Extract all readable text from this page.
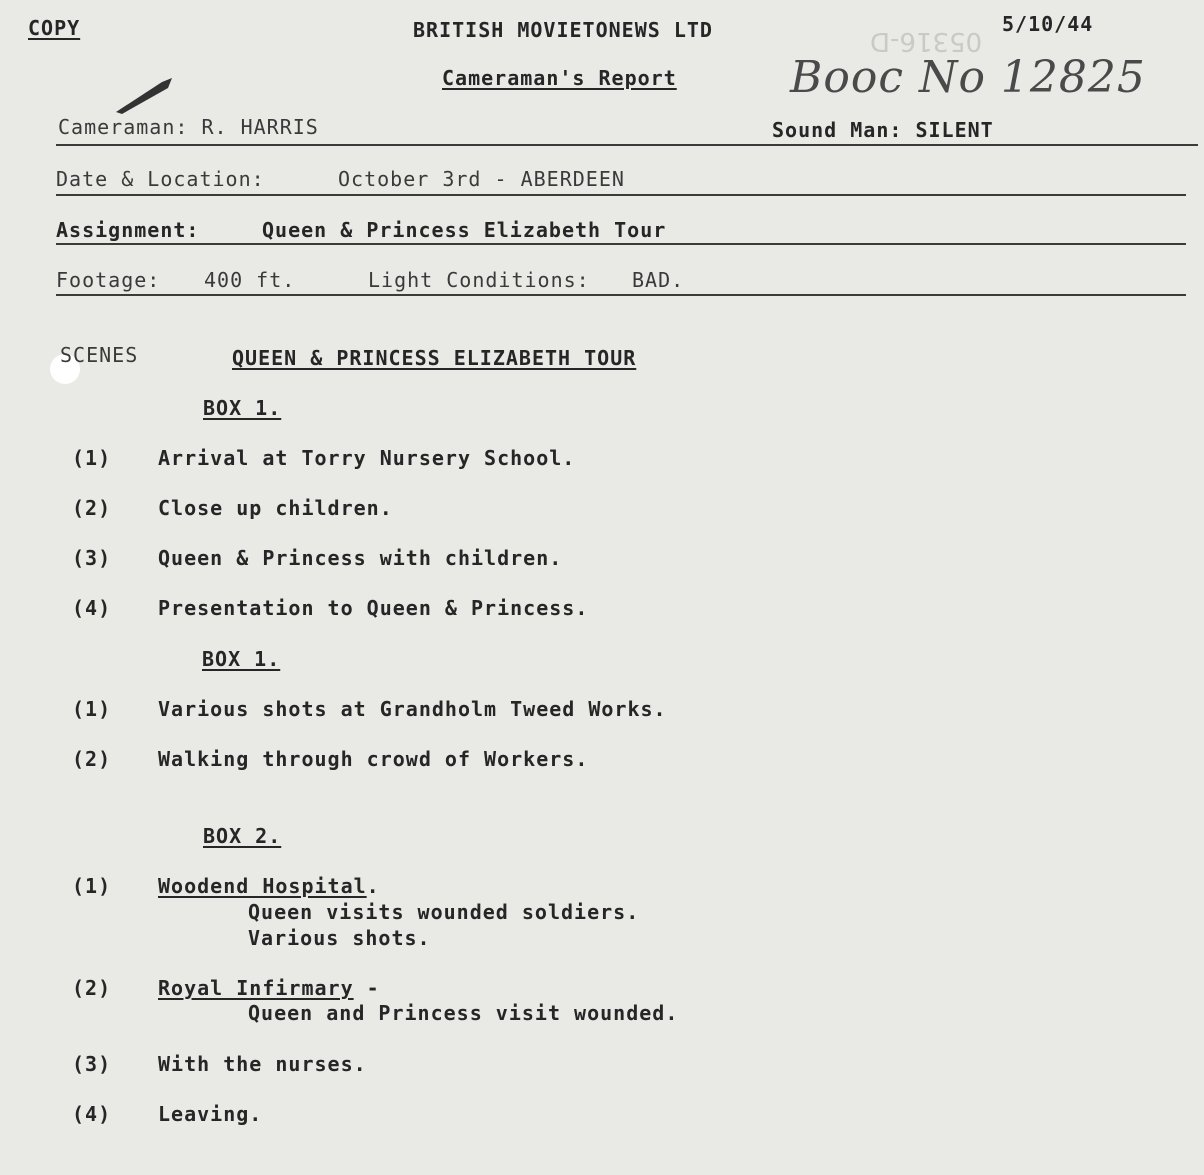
COPY	BRITISH MOVIETONEWS LTD	5/10/44
05316-D
Cameraman's Report	Booc No 12825
Cameraman: R. HARRIS	Sound Man: SILENT
Date & Location:	October 3rd - ABERDEEN
Assignment:	Queen & Princess Elizabeth Tour
Footage: 400 ft.	Light Conditions: BAD.
SCENES	QUEEN & PRINCESS ELIZABETH TOUR
BOX 1.
(1) Arrival at Torry Nursery School.
(2) Close up children.
(3) Queen & Princess with children.
(4) Presentation to Queen & Princess.
BOX 1.
(1) Various shots at Grandholm Tweed Works.
(2) Walking through crowd of Workers.
BOX 2.
(1) Woodend Hospital.
Queen visits wounded soldiers.
Various shots.
(2) Royal Infirmary -
Queen and Princess visit wounded.
(3) With the nurses.
(4) Leaving.
